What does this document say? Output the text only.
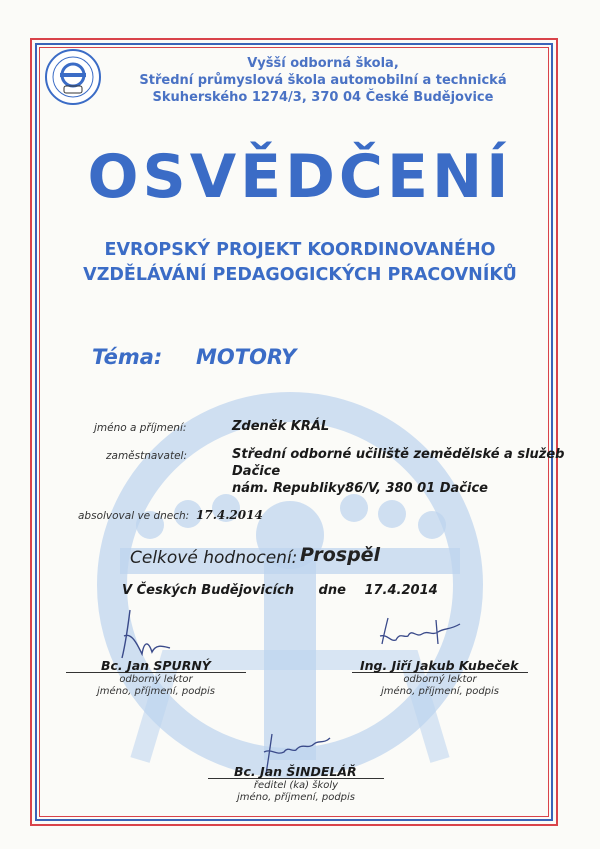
Vyšší odborná škola,
Střední průmyslová škola automobilní a technická
Skuherského 1274/3, 370 04 České Budějovice
OSVĚDČENÍ
EVROPSKÝ PROJEKT KOORDINOVANÉHO
VZDĚLÁVÁNÍ PEDAGOGICKÝCH PRACOVNÍKŮ
Téma: MOTORY
jméno a příjmení:	Zdeněk KRÁL
zaměstnavatel:	Střední odborné učiliště zemědělské a služeb
Dačice
nám. Republiky86/V, 380 01 Dačice
absolvoval ve dnech: 17.4.2014
Celkové hodnocení: Prospěl
V Českých Budějovicích dne 17.4.2014
Bc. Jan SPURNÝ
odborný lektor
jméno, příjmení, podpis
Ing. Jiří Jakub Kubeček
odborný lektor
jméno, příjmení, podpis
Bc. Jan ŠINDELÁŘ
ředitel (ka) školy
jméno, příjmení, podpis
